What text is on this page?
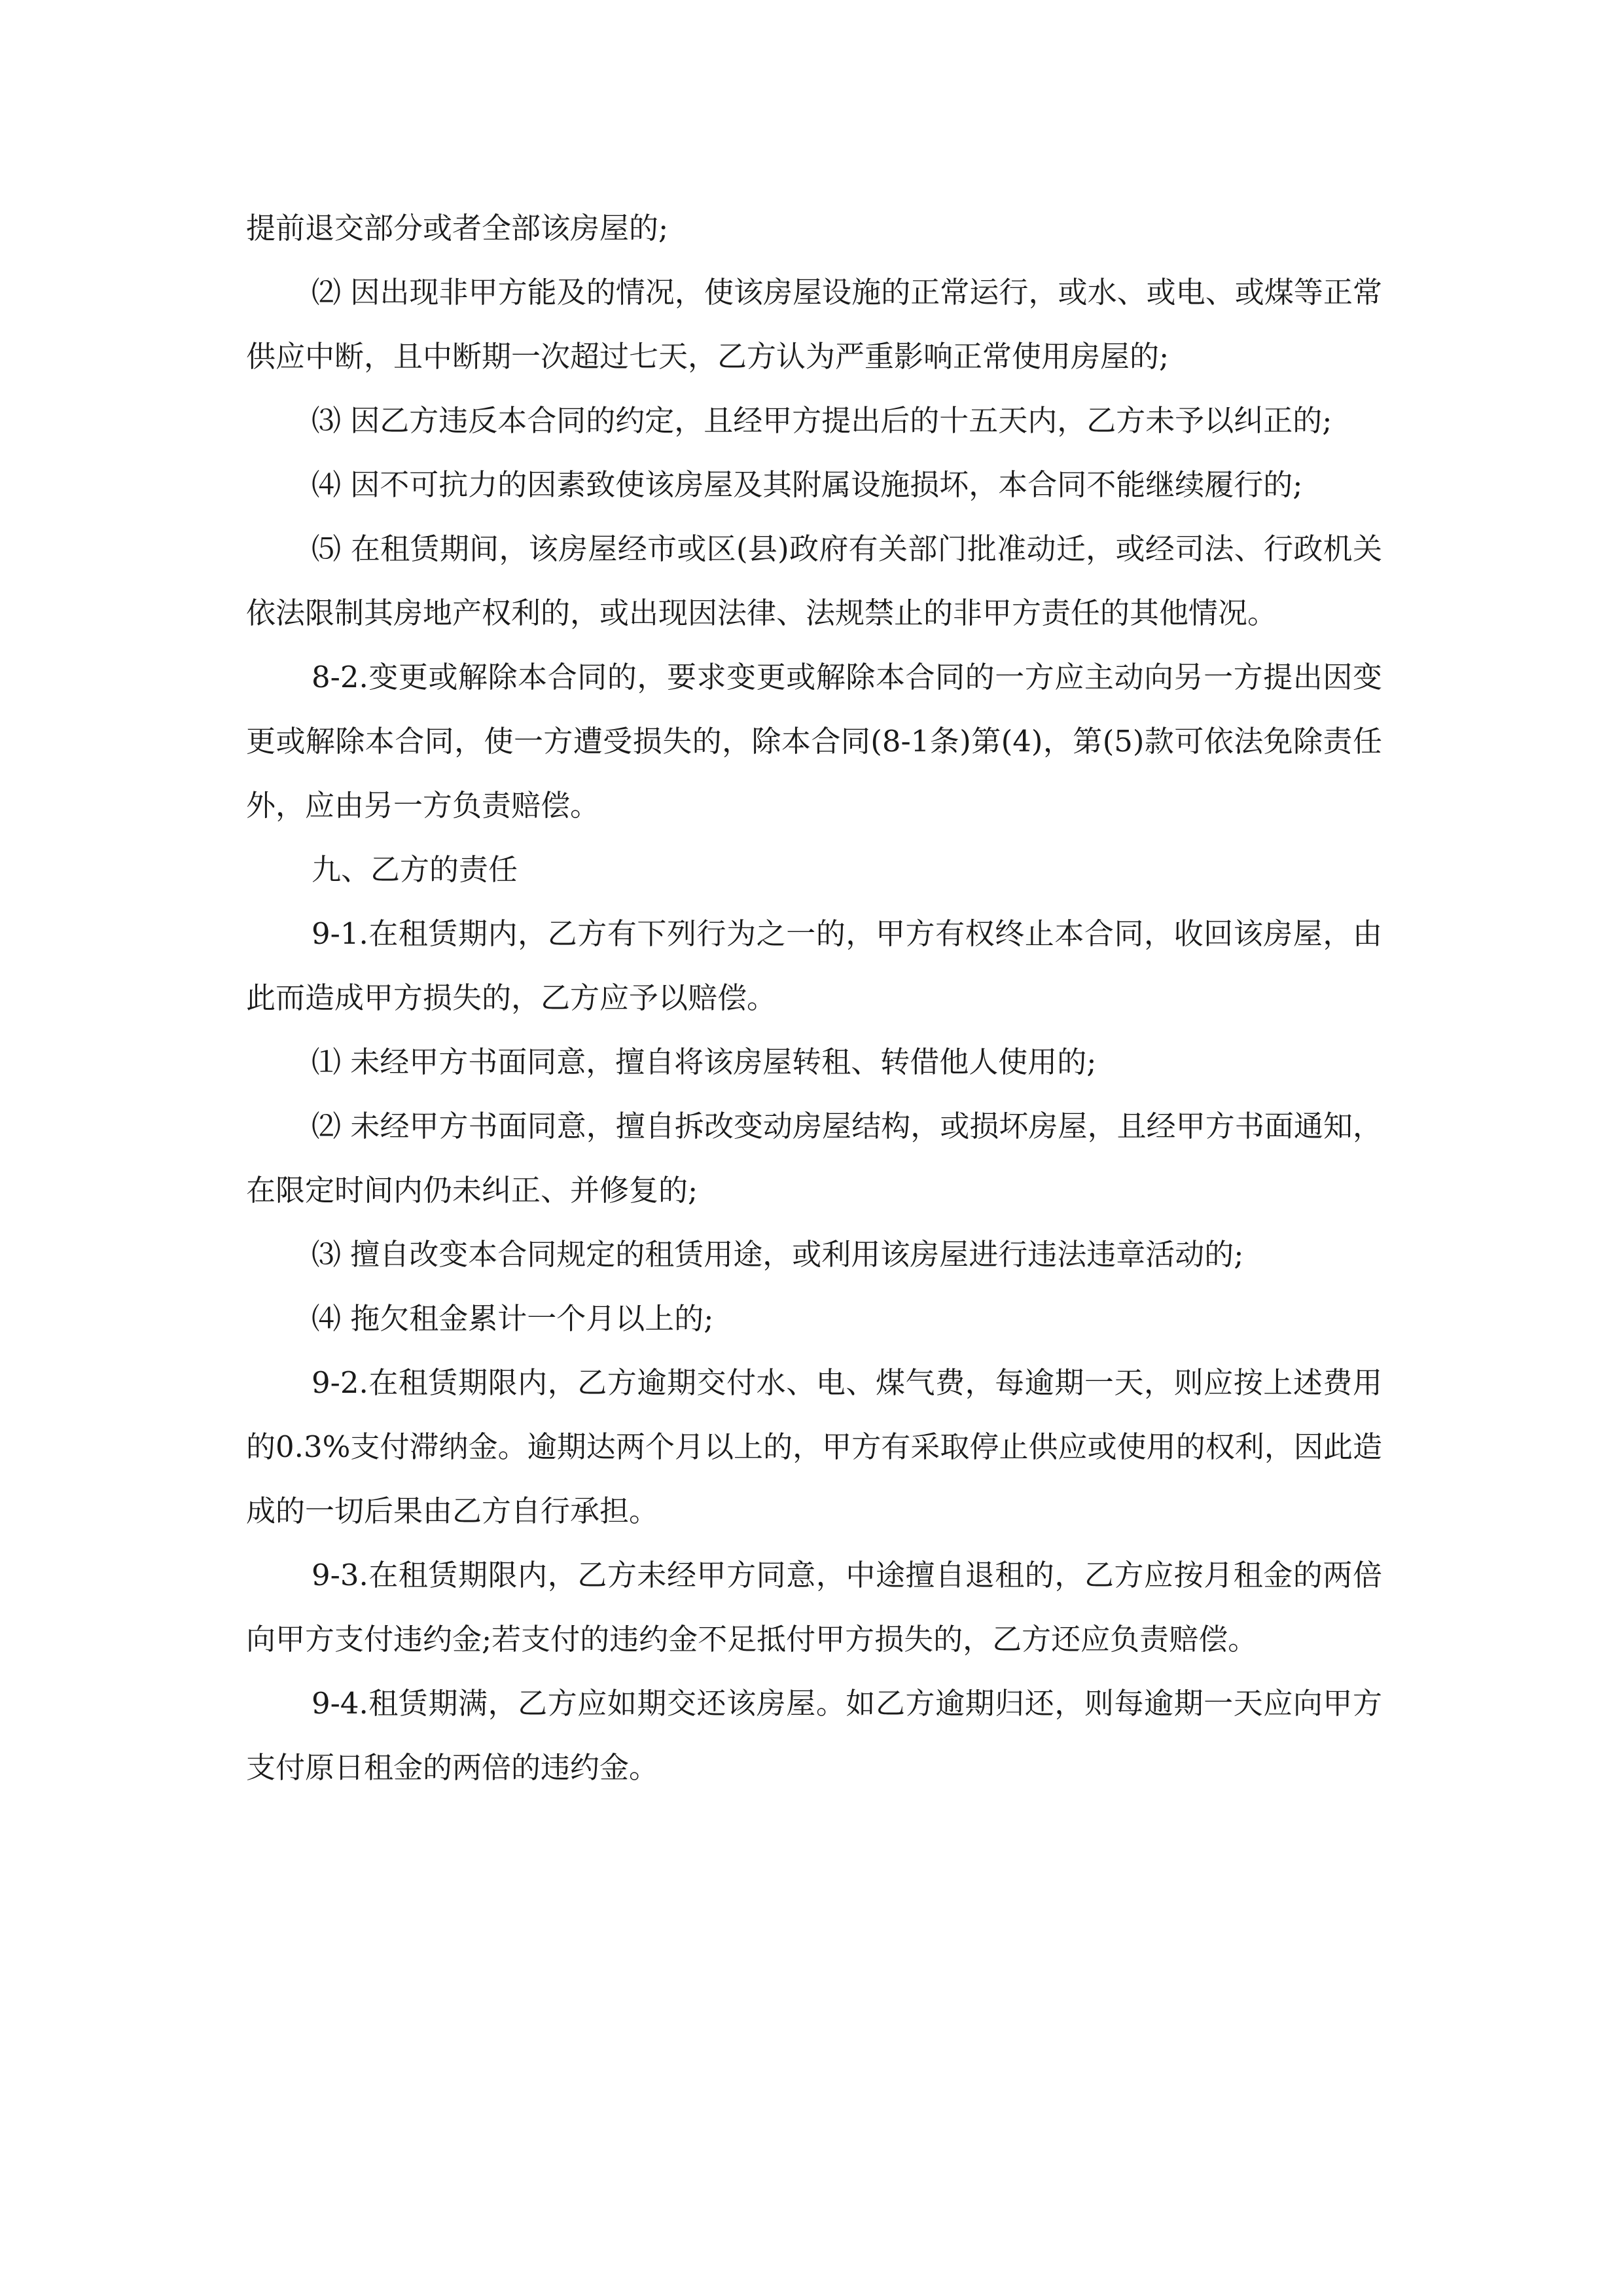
提前退交部分或者全部该房屋的;

⑵ 因出现非甲方能及的情况，使该房屋设施的正常运行，或水、或电、或煤等正常供应中断，且中断期一次超过七天，乙方认为严重影响正常使用房屋的;

⑶ 因乙方违反本合同的约定，且经甲方提出后的十五天内，乙方未予以纠正的;

⑷ 因不可抗力的因素致使该房屋及其附属设施损坏，本合同不能继续履行的;

⑸ 在租赁期间，该房屋经市或区(县)政府有关部门批准动迁，或经司法、行政机关依法限制其房地产权利的，或出现因法律、法规禁止的非甲方责任的其他情况。

8-2.变更或解除本合同的，要求变更或解除本合同的一方应主动向另一方提出因变 更或解除本合同，使一方遭受损失的，除本合同(8-1条)第(4)，第(5)款可依法免除责任外，应由另一方负责赔偿。

九、乙方的责任

9-1.在租赁期内，乙方有下列行为之一的，甲方有权终止本合同，收回该房屋，由此而造成甲方损失的，乙方应予以赔偿。

⑴ 未经甲方书面同意，擅自将该房屋转租、转借他人使用的;

⑵ 未经甲方书面同意，擅自拆改变动房屋结构，或损坏房屋，且经甲方书面通知，  在限定时间内仍未纠正、并修复的;

⑶ 擅自改变本合同规定的租赁用途，或利用该房屋进行违法违章活动的;

⑷ 拖欠租金累计一个月以上的;

9-2.在租赁期限内，乙方逾期交付水、电、煤气费，每逾期一天，则应按上述费用 的0.3%支付滞纳金。逾期达两个月以上的，甲方有采取停止供应或使用的权利，因此造成的一切后果由乙方自行承担。

9-3.在租赁期限内，乙方未经甲方同意，中途擅自退租的，乙方应按月租金的两倍 向甲方支付违约金;若支付的违约金不足抵付甲方损失的，乙方还应负责赔偿。

9-4.租赁期满，乙方应如期交还该房屋。如乙方逾期归还，则每逾期一天应向甲方 支付原日租金的两倍的违约金。
